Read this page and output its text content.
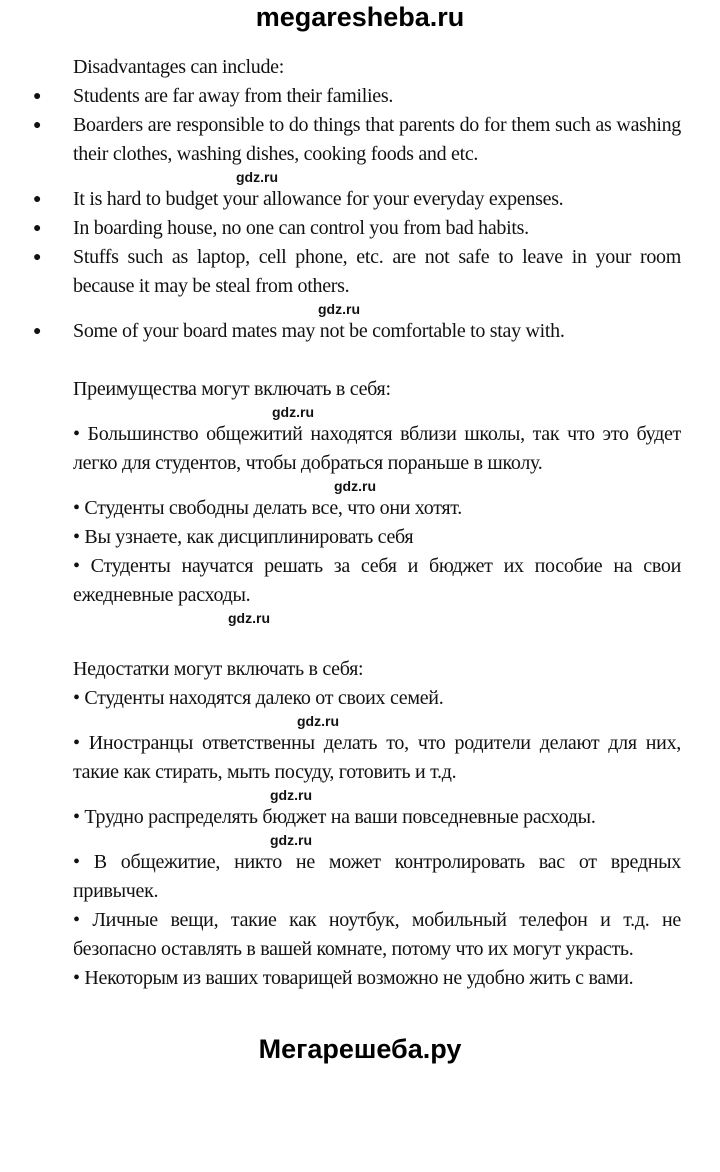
megaresheba.ru

Disadvantages can include:

● Students are far away from their families.
● Boarders are responsible to do things that parents do for them such as washing their clothes, washing dishes, cooking foods and etc.
gdz.ru
● It is hard to budget your allowance for your everyday expenses.
● In boarding house, no one can control you from bad habits.
● Stuffs such as laptop, cell phone, etc. are not safe to leave in your room because it may be steal from others.
gdz.ru
● Some of your board mates may not be comfortable to stay with.

Преимущества могут включать в себя:

gdz.ru

• Большинство общежитий находятся вблизи школы, так что это будет легко для студентов, чтобы добраться пораньше в школу.

gdz.ru

• Студенты свободны делать все, что они хотят.

• Вы узнаете, как дисциплинировать себя

• Студенты научатся решать за себя и бюджет их пособие на свои ежедневные расходы.

gdz.ru

Недостатки могут включать в себя:

• Студенты находятся далеко от своих семей.

gdz.ru

• Иностранцы ответственны делать то, что родители делают для них, такие как стирать, мыть посуду, готовить и т.д.

gdz.ru

• Трудно распределять бюджет на ваши повседневные расходы.

gdz.ru

• В общежитие, никто не может контролировать вас от вредных привычек.

• Личные вещи, такие как ноутбук, мобильный телефон и т.д. не безопасно оставлять в вашей комнате, потому что их могут украсть.

• Некоторым из ваших товарищей возможно не удобно жить с вами.

Мегарешеба.ру
